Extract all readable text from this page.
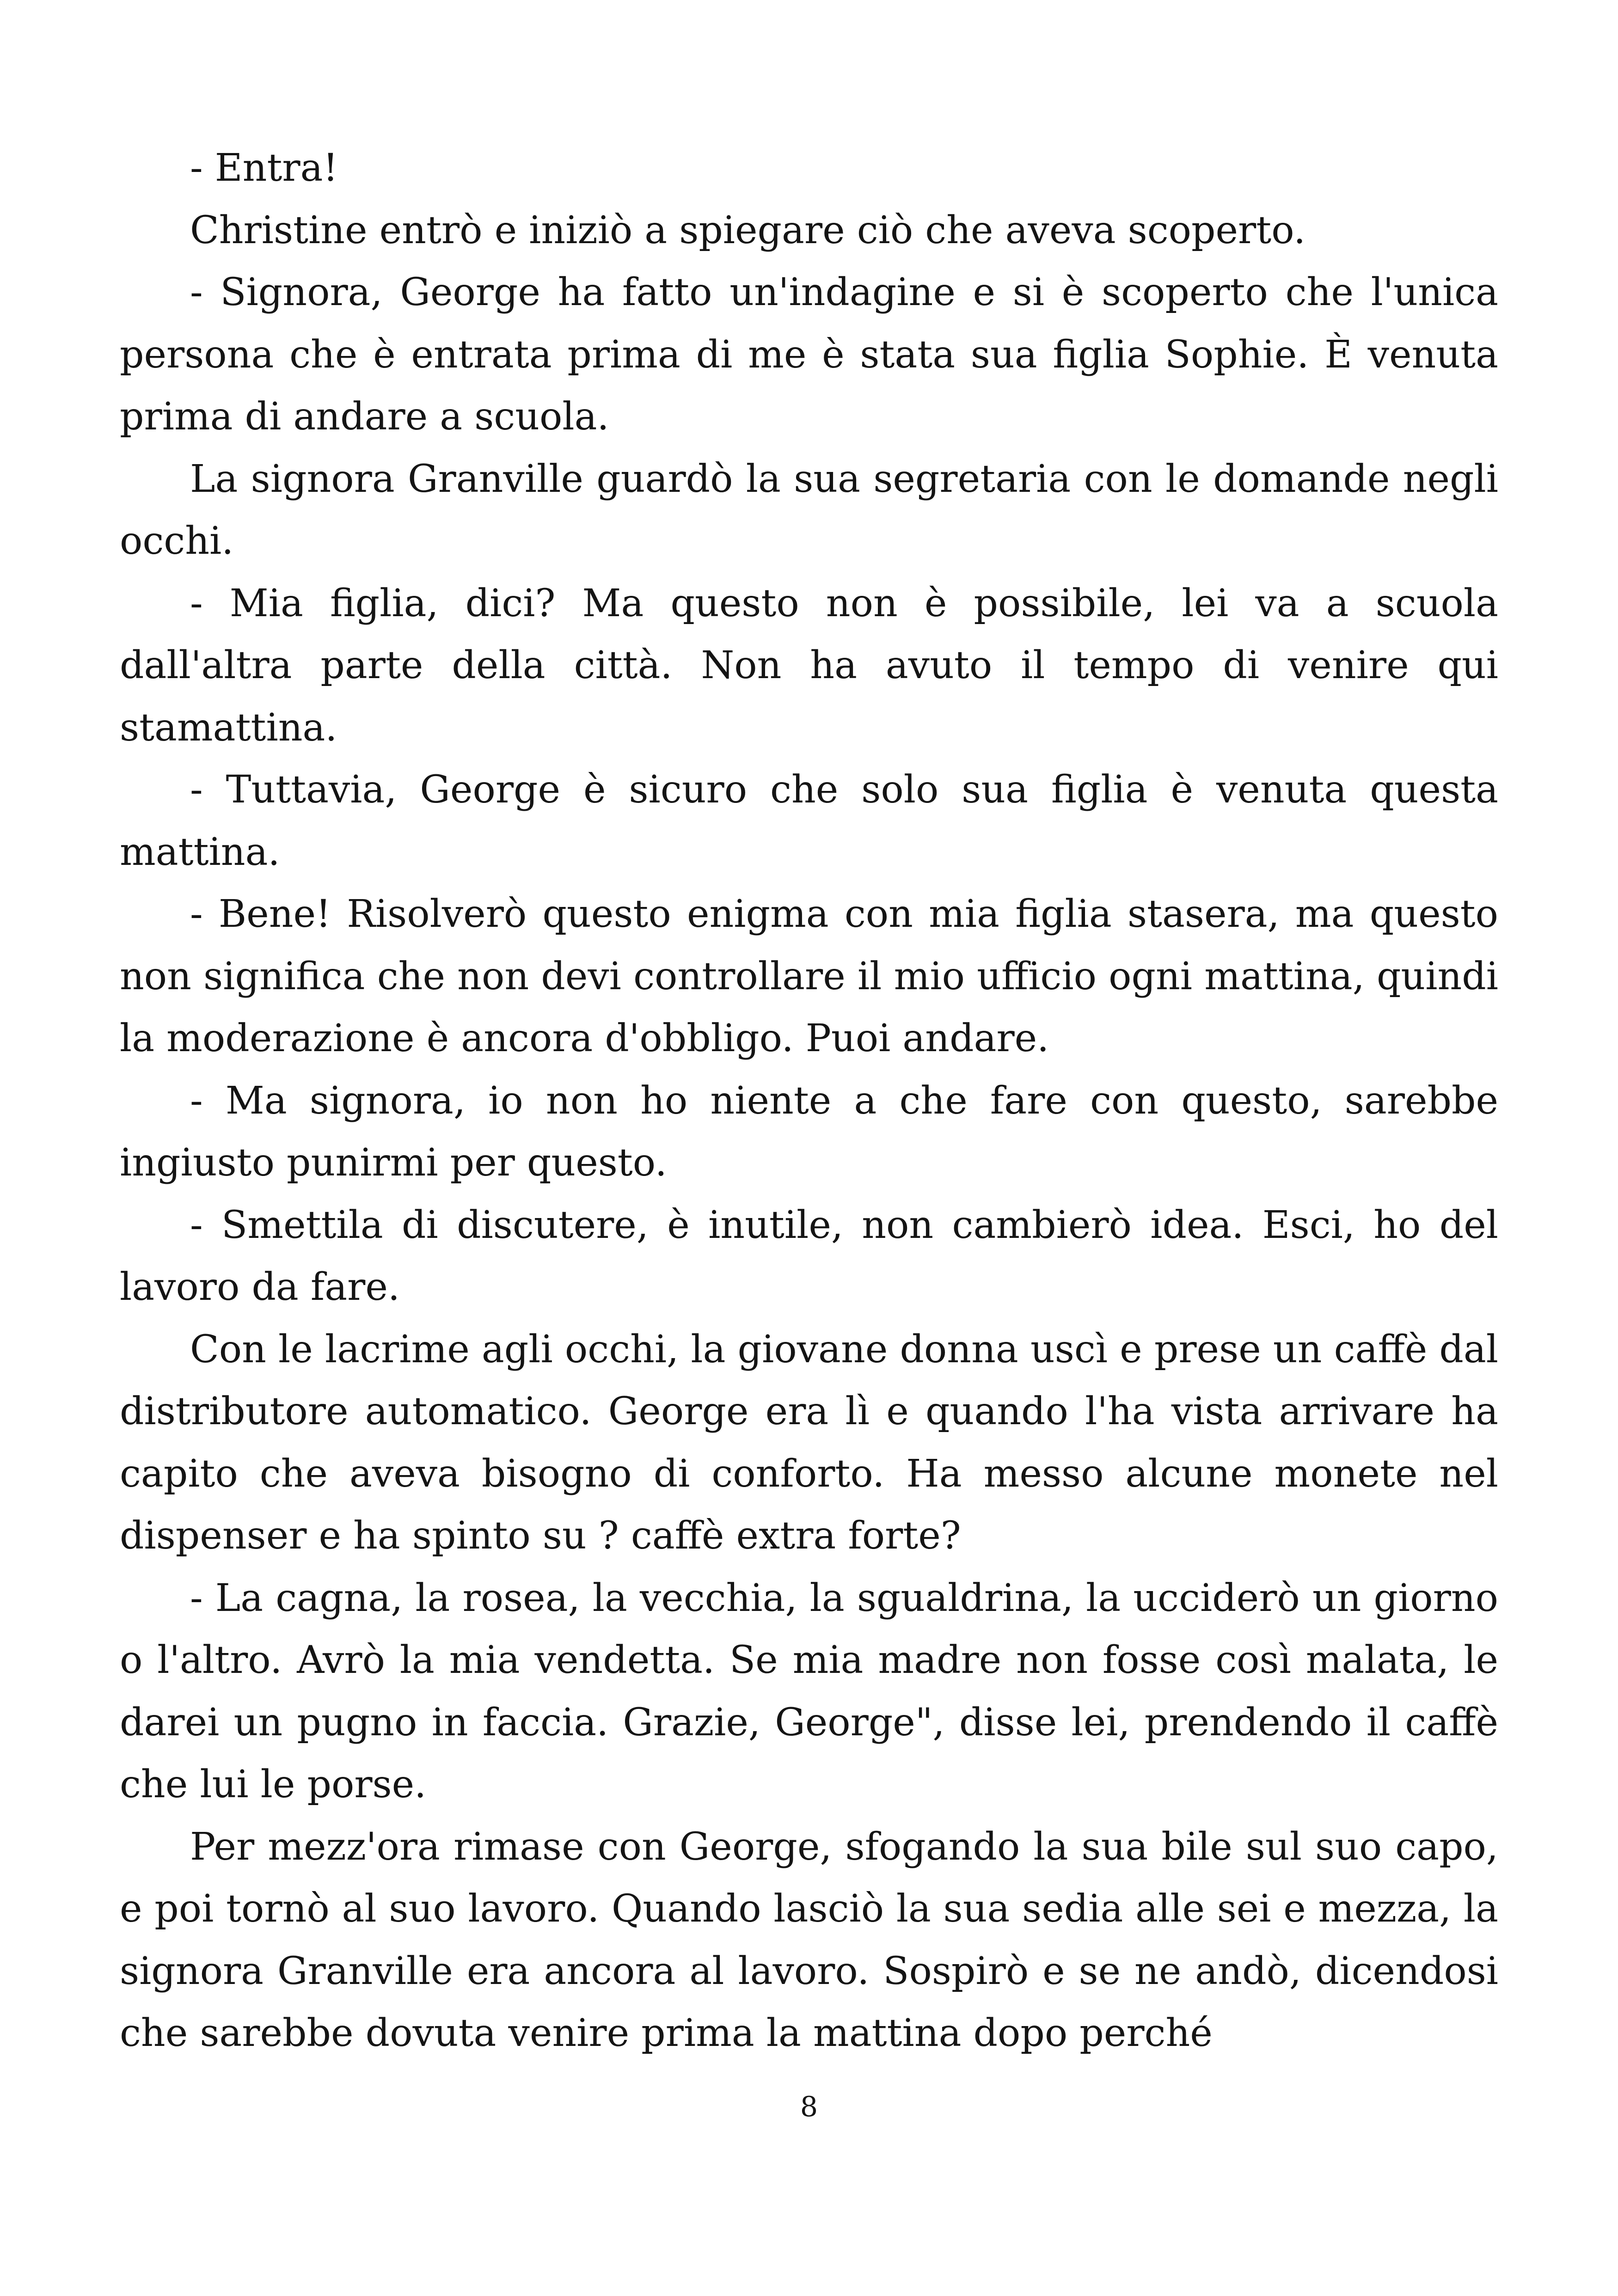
- Entra!

Christine entrò e iniziò a spiegare ciò che aveva scoperto.

- Signora, George ha fatto un'indagine e si è scoperto che l'unica persona che è entrata prima di me è stata sua figlia Sophie. È venuta prima di andare a scuola.

La signora Granville guardò la sua segretaria con le domande negli occhi.

- Mia figlia, dici? Ma questo non è possibile, lei va a scuola dall'altra parte della città. Non ha avuto il tempo di venire qui stamattina.

- Tuttavia, George è sicuro che solo sua figlia è venuta questa mattina.

- Bene! Risolverò questo enigma con mia figlia stasera, ma questo non significa che non devi controllare il mio ufficio ogni mattina, quindi la moderazione è ancora d'obbligo. Puoi andare.

- Ma signora, io non ho niente a che fare con questo, sarebbe ingiusto punirmi per questo.

- Smettila di discutere, è inutile, non cambierò idea. Esci, ho del lavoro da fare.

Con le lacrime agli occhi, la giovane donna uscì e prese un caffè dal distributore automatico. George era lì e quando l'ha vista arrivare ha capito che aveva bisogno di conforto. Ha messo alcune monete nel dispenser e ha spinto su ? caffè extra forte?

- La cagna, la rosea, la vecchia, la sgualdrina, la ucciderò un giorno o l'altro. Avrò la mia vendetta. Se mia madre non fosse così malata, le darei un pugno in faccia. Grazie, George", disse lei, prendendo il caffè che lui le porse.

Per mezz'ora rimase con George, sfogando la sua bile sul suo capo, e poi tornò al suo lavoro. Quando lasciò la sua sedia alle sei e mezza, la signora Granville era ancora al lavoro. Sospirò e se ne andò, dicendosi che sarebbe dovuta venire prima la mattina dopo perché

8
